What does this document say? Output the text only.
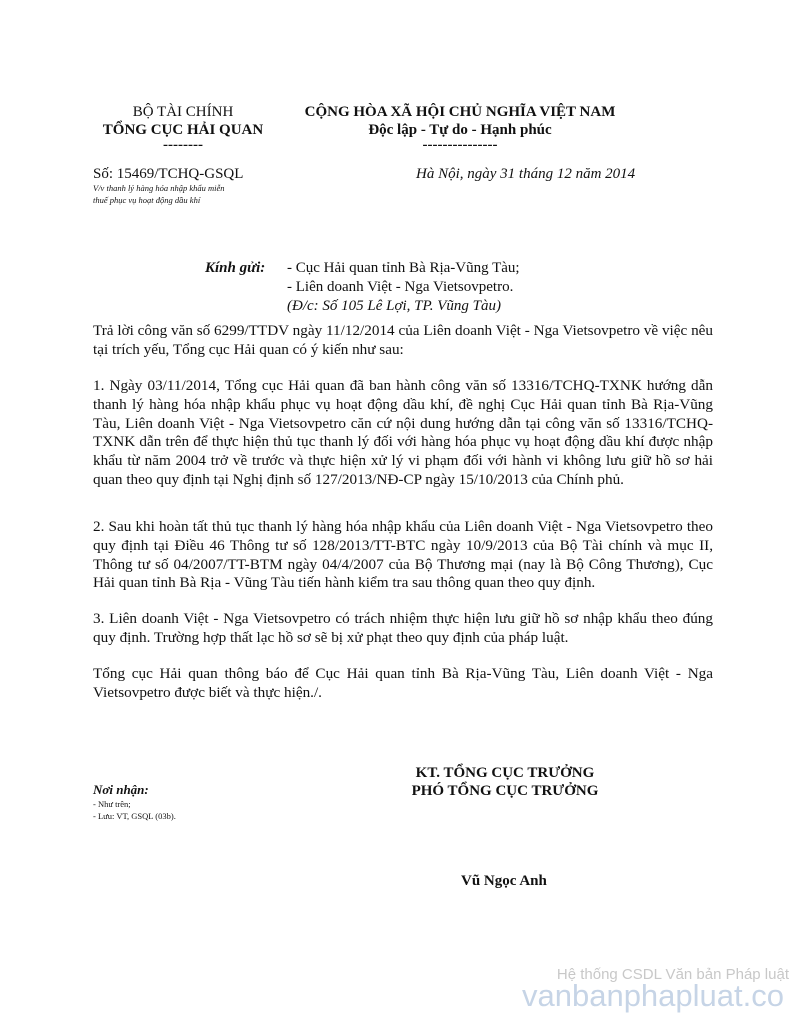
BỘ TÀI CHÍNH
TỔNG CỤC HẢI QUAN
--------
CỘNG HÒA XÃ HỘI CHỦ NGHĨA VIỆT NAM
Độc lập - Tự do - Hạnh phúc
---------------
Số: 15469/TCHQ-GSQL
V/v thanh lý hàng hóa nhập khẩu miễn
thuế phục vụ hoạt động dầu khí
Hà Nội, ngày 31 tháng 12 năm 2014
Kính gửi: - Cục Hải quan tỉnh Bà Rịa-Vũng Tàu;
- Liên doanh Việt - Nga Vietsovpetro.
(Đ/c: Số 105 Lê Lợi, TP. Vũng Tàu)
Trả lời công văn số 6299/TTDV ngày 11/12/2014 của Liên doanh Việt - Nga Vietsovpetro về việc nêu tại trích yếu, Tổng cục Hải quan có ý kiến như sau:
1. Ngày 03/11/2014, Tổng cục Hải quan đã ban hành công văn số 13316/TCHQ-TXNK hướng dẫn thanh lý hàng hóa nhập khẩu phục vụ hoạt động dầu khí, đề nghị Cục Hải quan tỉnh Bà Rịa-Vũng Tàu, Liên doanh Việt - Nga Vietsovpetro căn cứ nội dung hướng dẫn tại công văn số 13316/TCHQ-TXNK dẫn trên để thực hiện thủ tục thanh lý đối với hàng hóa phục vụ hoạt động dầu khí được nhập khẩu từ năm 2004 trở về trước và thực hiện xử lý vi phạm đối với hành vi không lưu giữ hồ sơ hải quan theo quy định tại Nghị định số 127/2013/NĐ-CP ngày 15/10/2013 của Chính phủ.
2. Sau khi hoàn tất thủ tục thanh lý hàng hóa nhập khẩu của Liên doanh Việt - Nga Vietsovpetro theo quy định tại Điều 46 Thông tư số 128/2013/TT-BTC ngày 10/9/2013 của Bộ Tài chính và mục II, Thông tư số 04/2007/TT-BTM ngày 04/4/2007 của Bộ Thương mại (nay là Bộ Công Thương), Cục Hải quan tỉnh Bà Rịa - Vũng Tàu tiến hành kiểm tra sau thông quan theo quy định.
3. Liên doanh Việt - Nga Vietsovpetro có trách nhiệm thực hiện lưu giữ hồ sơ nhập khẩu theo đúng quy định. Trường hợp thất lạc hồ sơ sẽ bị xử phạt theo quy định của pháp luật.
Tổng cục Hải quan thông báo để Cục Hải quan tỉnh Bà Rịa-Vũng Tàu, Liên doanh Việt - Nga Vietsovpetro được biết và thực hiện./.
KT. TỔNG CỤC TRƯỞNG
PHÓ TỔNG CỤC TRƯỞNG
Vũ Ngọc Anh
Nơi nhận:
- Như trên;
- Lưu: VT, GSQL (03b).
Hệ thống CSDL Văn bản Pháp luật
vanbanphapluat.co
